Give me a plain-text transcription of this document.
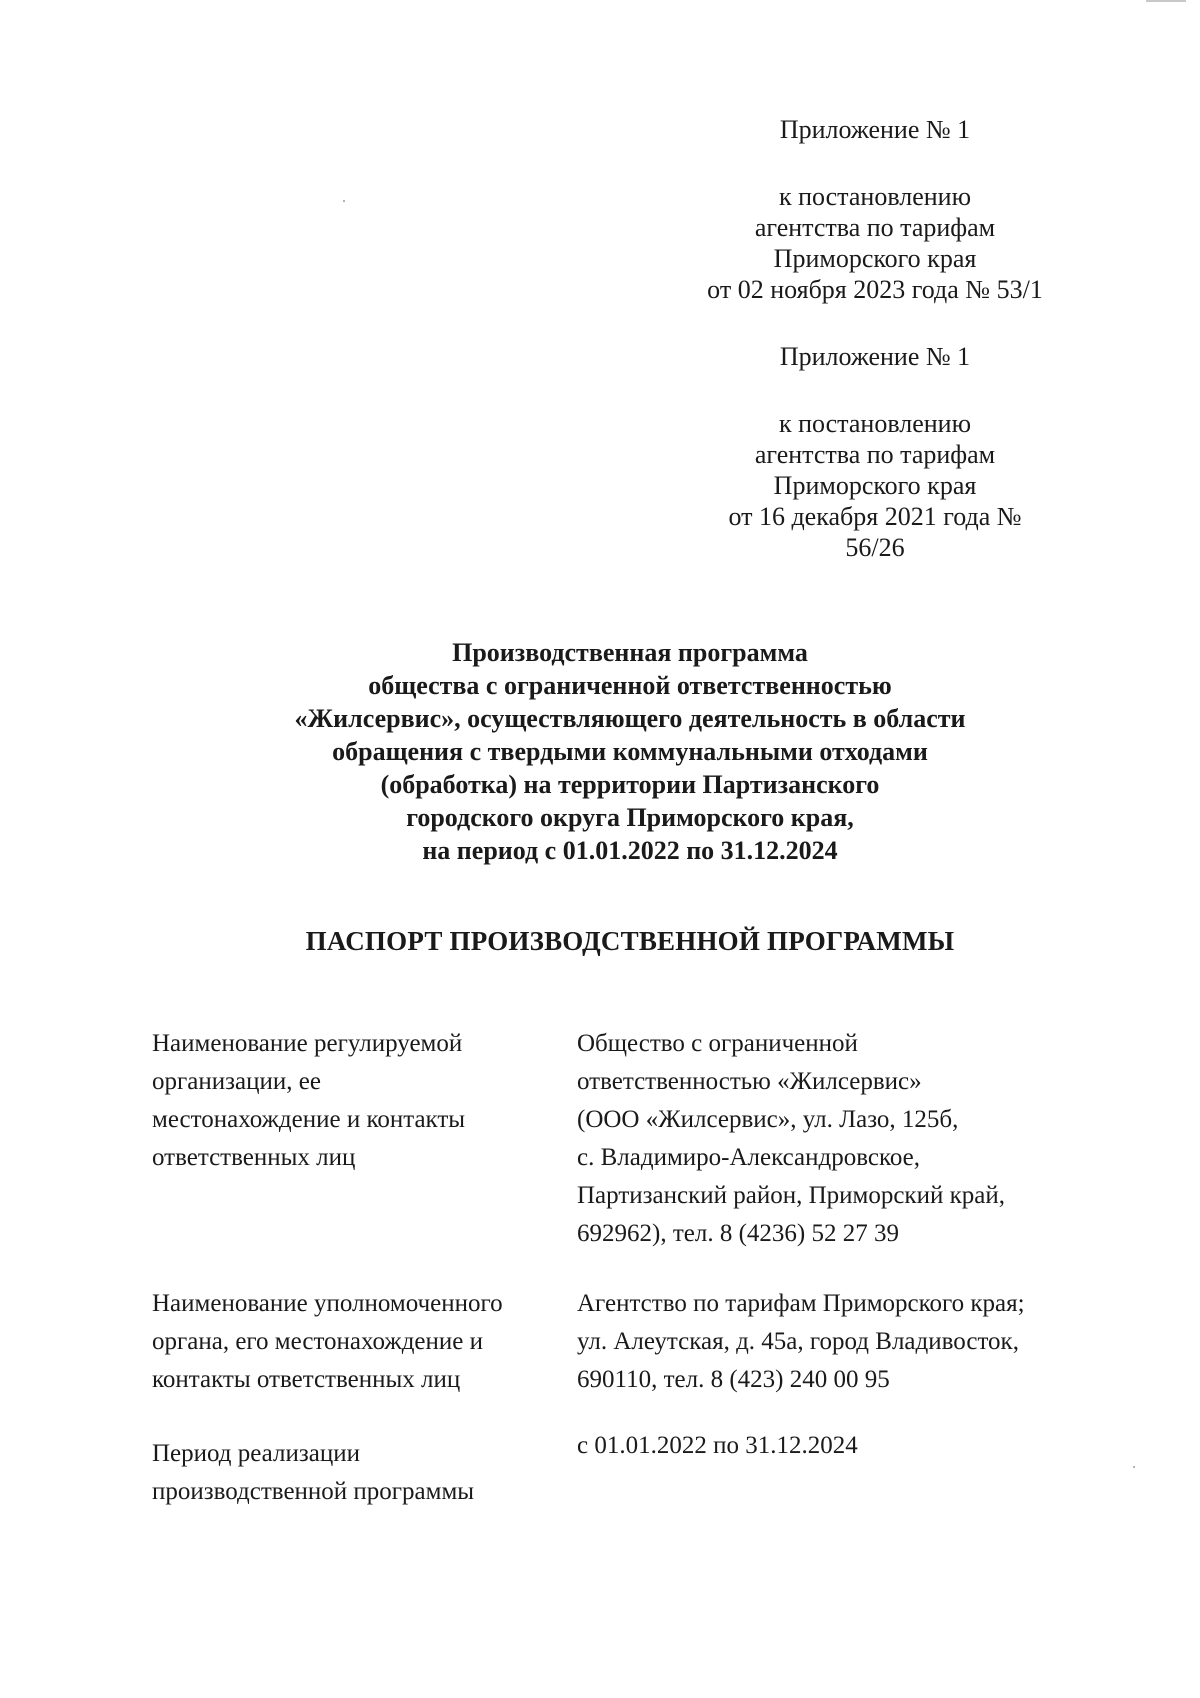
Приложение № 1
к постановлению
агентства по тарифам
Приморского края
от 02 ноября 2023 года № 53/1
Приложение № 1
к постановлению
агентства по тарифам
Приморского края
от 16 декабря 2021 года № 56/26
Производственная программа
общества с ограниченной ответственностью
«Жилсервис», осуществляющего деятельность в области
обращения с твердыми коммунальными отходами
(обработка) на территории Партизанского
городского округа Приморского края,
на период с 01.01.2022 по 31.12.2024
ПАСПОРТ ПРОИЗВОДСТВЕННОЙ ПРОГРАММЫ
Наименование регулируемой
организации, ее
местонахождение и контакты
ответственных лиц
Общество с ограниченной
ответственностью «Жилсервис»
(ООО «Жилсервис», ул. Лазо, 125б,
с. Владимиро-Александровское,
Партизанский район, Приморский край,
692962), тел. 8 (4236) 52 27 39
Наименование уполномоченного
органа, его местонахождение и
контакты ответственных лиц
Агентство по тарифам Приморского края;
ул. Алеутская, д. 45а, город Владивосток,
690110, тел. 8 (423) 240 00 95
Период реализации
производственной программы
с 01.01.2022 по 31.12.2024
